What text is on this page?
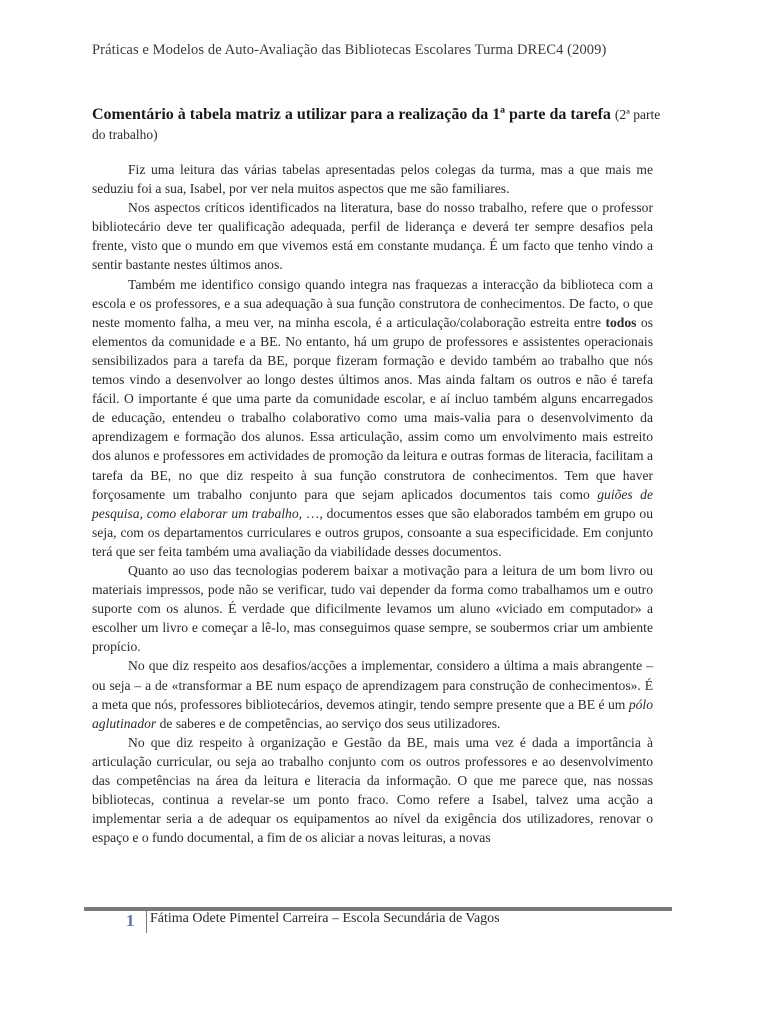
Práticas e Modelos de Auto-Avaliação das Bibliotecas Escolares Turma DREC4 (2009)
Comentário à tabela matriz a utilizar para a realização da 1ª parte da tarefa (2ª parte
do trabalho)

Fiz uma leitura das várias tabelas apresentadas pelos colegas da turma, mas a que mais me seduziu foi a sua, Isabel, por ver nela muitos aspectos que me são familiares.

Nos aspectos críticos identificados na literatura, base do nosso trabalho, refere que o professor bibliotecário deve ter qualificação adequada, perfil de liderança e deverá ter sempre desafios pela frente, visto que o mundo em que vivemos está em constante mudança. É um facto que tenho vindo a sentir bastante nestes últimos anos.

Também me identifico consigo quando integra nas fraquezas a interacção da biblioteca com a escola e os professores, e a sua adequação à sua função construtora de conhecimentos. De facto, o que neste momento falha, a meu ver, na minha escola, é a articulação/colaboração estreita entre todos os elementos da comunidade e a BE. No entanto, há um grupo de professores e assistentes operacionais sensibilizados para a tarefa da BE, porque fizeram formação e devido também ao trabalho que nós temos vindo a desenvolver ao longo destes últimos anos. Mas ainda faltam os outros e não é tarefa fácil. O importante é que uma parte da comunidade escolar, e aí incluo também alguns encarregados de educação, entendeu o trabalho colaborativo como uma mais-valia para o desenvolvimento da aprendizagem e formação dos alunos. Essa articulação, assim como um envolvimento mais estreito dos alunos e professores em actividades de promoção da leitura e outras formas de literacia, facilitam a tarefa da BE, no que diz respeito à sua função construtora de conhecimentos. Tem que haver forçosamente um trabalho conjunto para que sejam aplicados documentos tais como guiões de pesquisa, como elaborar um trabalho, …, documentos esses que são elaborados também em grupo ou seja, com os departamentos curriculares e outros grupos, consoante a sua especificidade. Em conjunto terá que ser feita também uma avaliação da viabilidade desses documentos.

Quanto ao uso das tecnologias poderem baixar a motivação para a leitura de um bom livro ou materiais impressos, pode não se verificar, tudo vai depender da forma como trabalhamos um e outro suporte com os alunos. É verdade que dificilmente levamos um aluno «viciado em computador» a escolher um livro e começar a lê-lo, mas conseguimos quase sempre, se soubermos criar um ambiente propício.

No que diz respeito aos desafios/acções a implementar, considero a última a mais abrangente – ou seja – a de «transformar a BE num espaço de aprendizagem para construção de conhecimentos». É a meta que nós, professores bibliotecários, devemos atingir, tendo sempre presente que a BE é um pólo aglutinador de saberes e de competências, ao serviço dos seus utilizadores.

No que diz respeito à organização e Gestão da BE, mais uma vez é dada a importância à articulação curricular, ou seja ao trabalho conjunto com os outros professores e ao desenvolvimento das competências na área da leitura e literacia da informação. O que me parece que, nas nossas bibliotecas, continua a revelar-se um ponto fraco. Como refere a Isabel, talvez uma acção a implementar seria a de adequar os equipamentos ao nível da exigência dos utilizadores, renovar o espaço e o fundo documental, a fim de os aliciar a novas leituras, a novas

1 Fátima Odete Pimentel Carreira – Escola Secundária de Vagos
